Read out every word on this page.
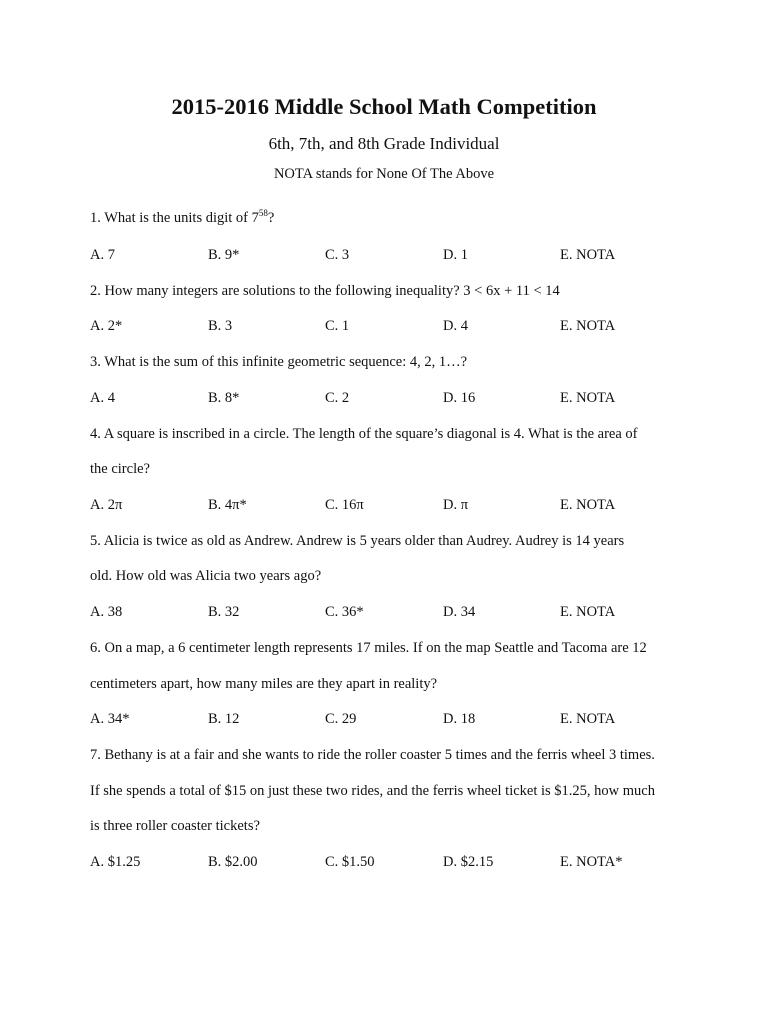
2015-2016 Middle School Math Competition
6th, 7th, and 8th Grade Individual
NOTA stands for None Of The Above
1. What is the units digit of $7^{58}$?
A. 7	B. 9*	C. 3	D. 1	E. NOTA
2. How many integers are solutions to the following inequality? 3 < 6x + 11 < 14
A. 2*	B. 3	C. 1	D. 4	E. NOTA
3. What is the sum of this infinite geometric sequence: 4, 2, 1…?
A. 4	B. 8*	C. 2	D. 16	E. NOTA
4. A square is inscribed in a circle. The length of the square’s diagonal is 4. What is the area of
the circle?
A. 2π	B. 4π*	C. 16π	D. π	E. NOTA
5. Alicia is twice as old as Andrew. Andrew is 5 years older than Audrey. Audrey is 14 years
old. How old was Alicia two years ago?
A. 38	B. 32	C. 36*	D. 34	E. NOTA
6. On a map, a 6 centimeter length represents 17 miles. If on the map Seattle and Tacoma are 12
centimeters apart, how many miles are they apart in reality?
A. 34*	B. 12	C. 29	D. 18	E. NOTA
7. Bethany is at a fair and she wants to ride the roller coaster 5 times and the ferris wheel 3 times.
If she spends a total of $15 on just these two rides, and the ferris wheel ticket is $1.25, how much
is three roller coaster tickets?
A. $1.25	B. $2.00	C. $1.50	D. $2.15	E. NOTA*
